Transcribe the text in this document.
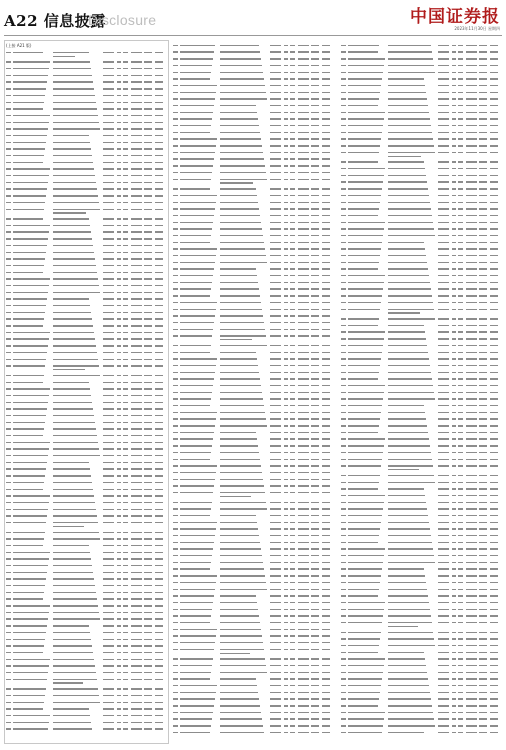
A22 信息披露
Disclosure	中国证券报
2023年11月30日 星期四
(上接 A21 版)
